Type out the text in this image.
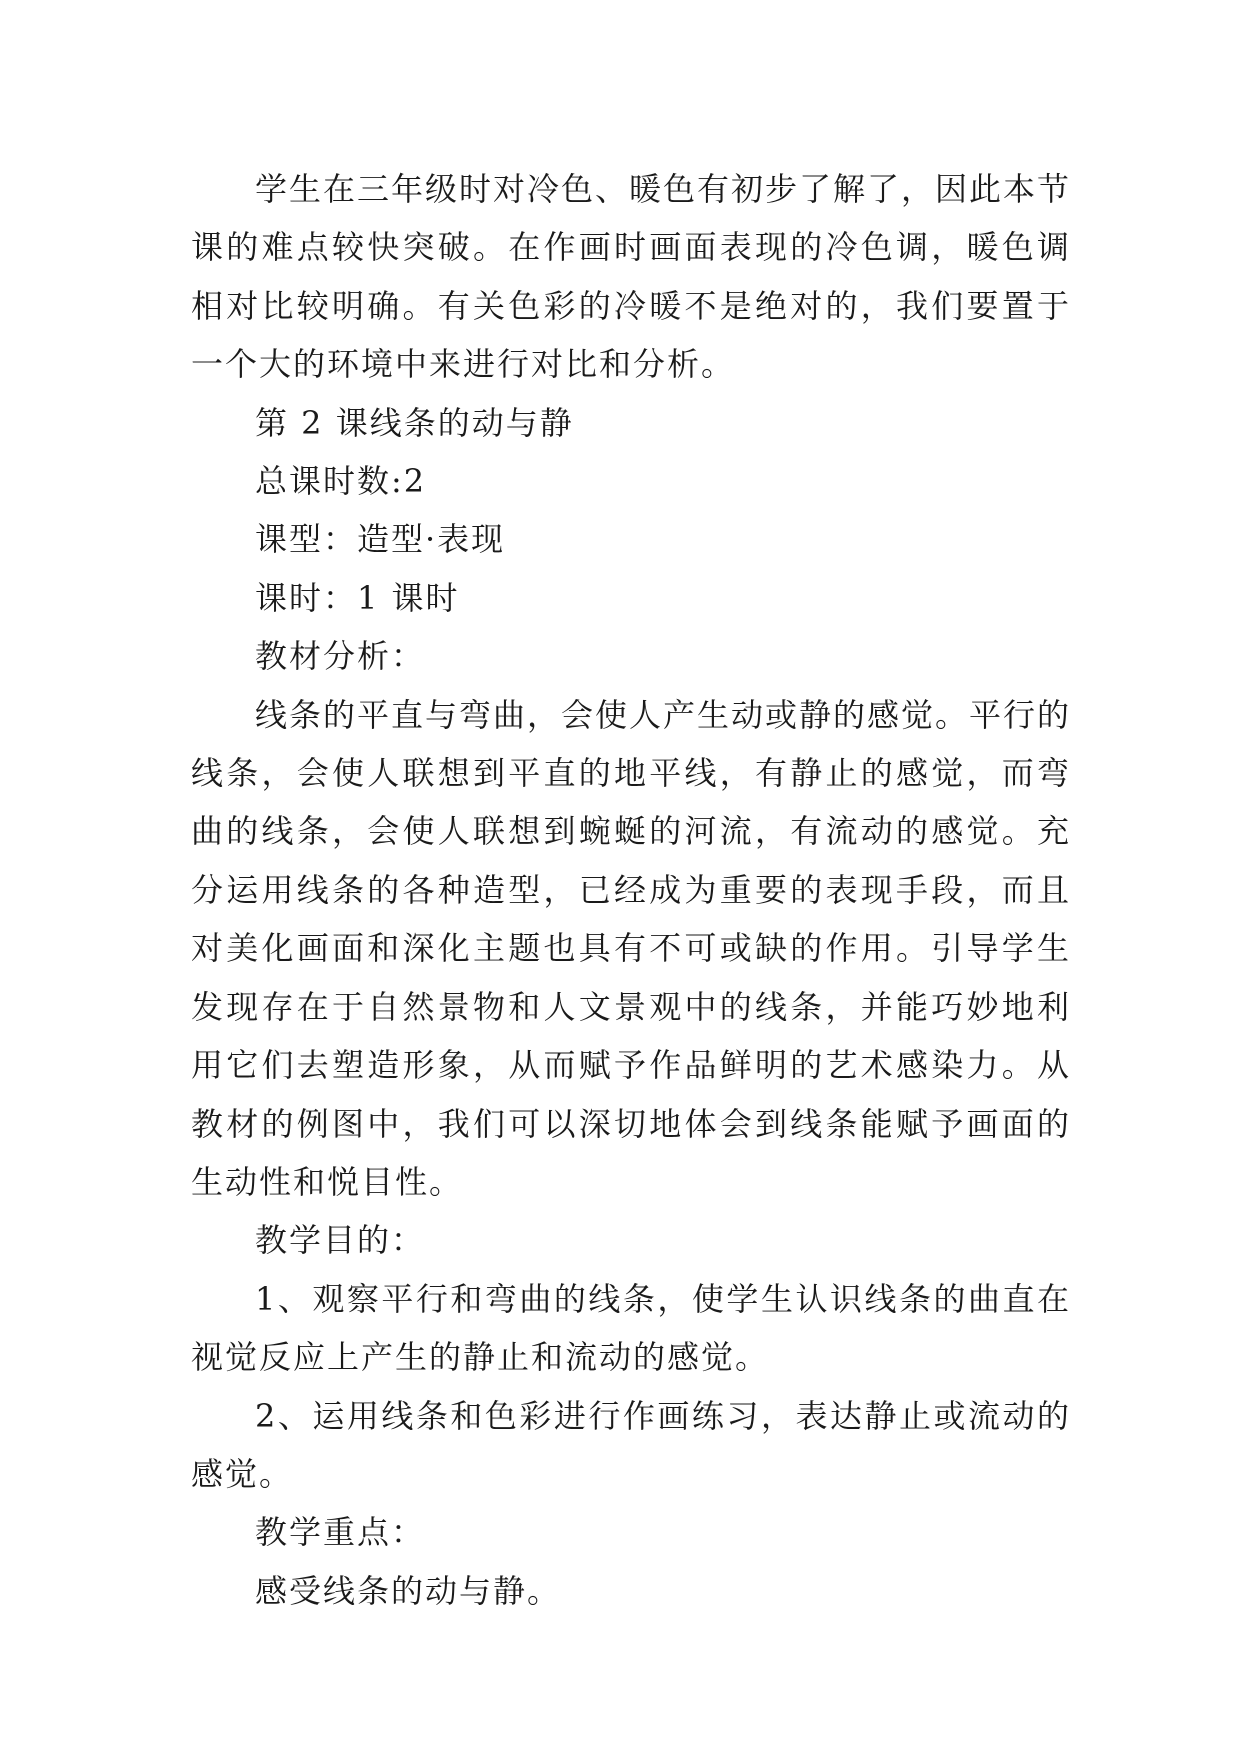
学生在三年级时对冷色、暖色有初步了解了，因此本节课的难点较快突破。在作画时画面表现的冷色调，暖色调相对比较明确。有关色彩的冷暖不是绝对的，我们要置于一个大的环境中来进行对比和分析。

第 2 课线条的动与静

总课时数:2

课型：造型·表现

课时：1 课时

教材分析：

线条的平直与弯曲，会使人产生动或静的感觉。平行的线条，会使人联想到平直的地平线，有静止的感觉，而弯曲的线条，会使人联想到蜿蜒的河流，有流动的感觉。充分运用线条的各种造型，已经成为重要的表现手段，而且对美化画面和深化主题也具有不可或缺的作用。引导学生发现存在于自然景物和人文景观中的线条，并能巧妙地利用它们去塑造形象，从而赋予作品鲜明的艺术感染力。从教材的例图中，我们可以深切地体会到线条能赋予画面的生动性和悦目性。

教学目的：

1、观察平行和弯曲的线条，使学生认识线条的曲直在视觉反应上产生的静止和流动的感觉。

2、运用线条和色彩进行作画练习，表达静止或流动的感觉。

教学重点：

感受线条的动与静。
